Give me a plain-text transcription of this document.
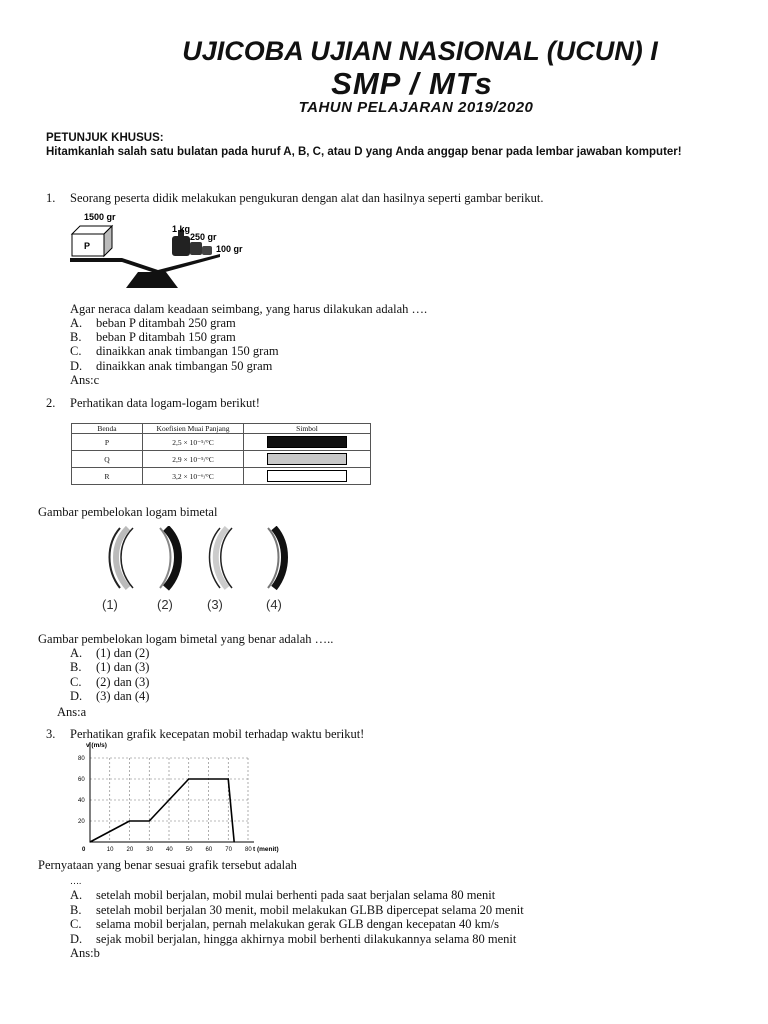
UJICOBA UJIAN NASIONAL (UCUN) I
SMP / MTs
TAHUN PELAJARAN 2019/2020
PETUNJUK KHUSUS:
Hitamkanlah salah satu bulatan pada huruf A, B, C, atau D yang Anda anggap benar pada lembar jawaban komputer!
1. Seorang peserta didik melakukan pengukuran dengan alat dan hasilnya seperti gambar berikut.
1500 gr
P
1 kg
250 gr
100 gr
Agar neraca dalam keadaan seimbang, yang harus dilakukan adalah ….
A. beban P ditambah 250 gram
B. beban P ditambah 150 gram
C. dinaikkan anak timbangan 150 gram
D. dinaikkan anak timbangan 50 gram
Ans:c
2. Perhatikan data logam-logam berikut!
Benda	Koefisien Muai Panjang	Simbol
P	2,5 × 10⁻⁵/°C	
Q	2,9 × 10⁻⁵/°C	
R	3,2 × 10⁻⁶/°C	
Gambar pembelokan logam bimetal
(1)	(2)	(3)	(4)
Gambar pembelokan logam bimetal yang benar adalah …..
A. (1) dan (2)
B. (1) dan (3)
C. (2) dan (3)
D. (3) dan (4)
Ans:a
3. Perhatikan grafik kecepatan mobil terhadap waktu berikut!
0	10 20 30 40 50 60 70 80
20
40
60
80
v (m/s)
t (menit)
Pernyataan yang benar sesuai grafik tersebut adalah
….
A. setelah mobil berjalan, mobil mulai berhenti pada saat berjalan selama 80 menit
B. setelah mobil berjalan 30 menit, mobil melakukan GLBB dipercepat selama 20 menit
C. selama mobil berjalan, pernah melakukan gerak GLB dengan kecepatan 40 km/s
D. sejak mobil berjalan, hingga akhirnya mobil berhenti dilakukannya selama 80 menit
Ans:b
